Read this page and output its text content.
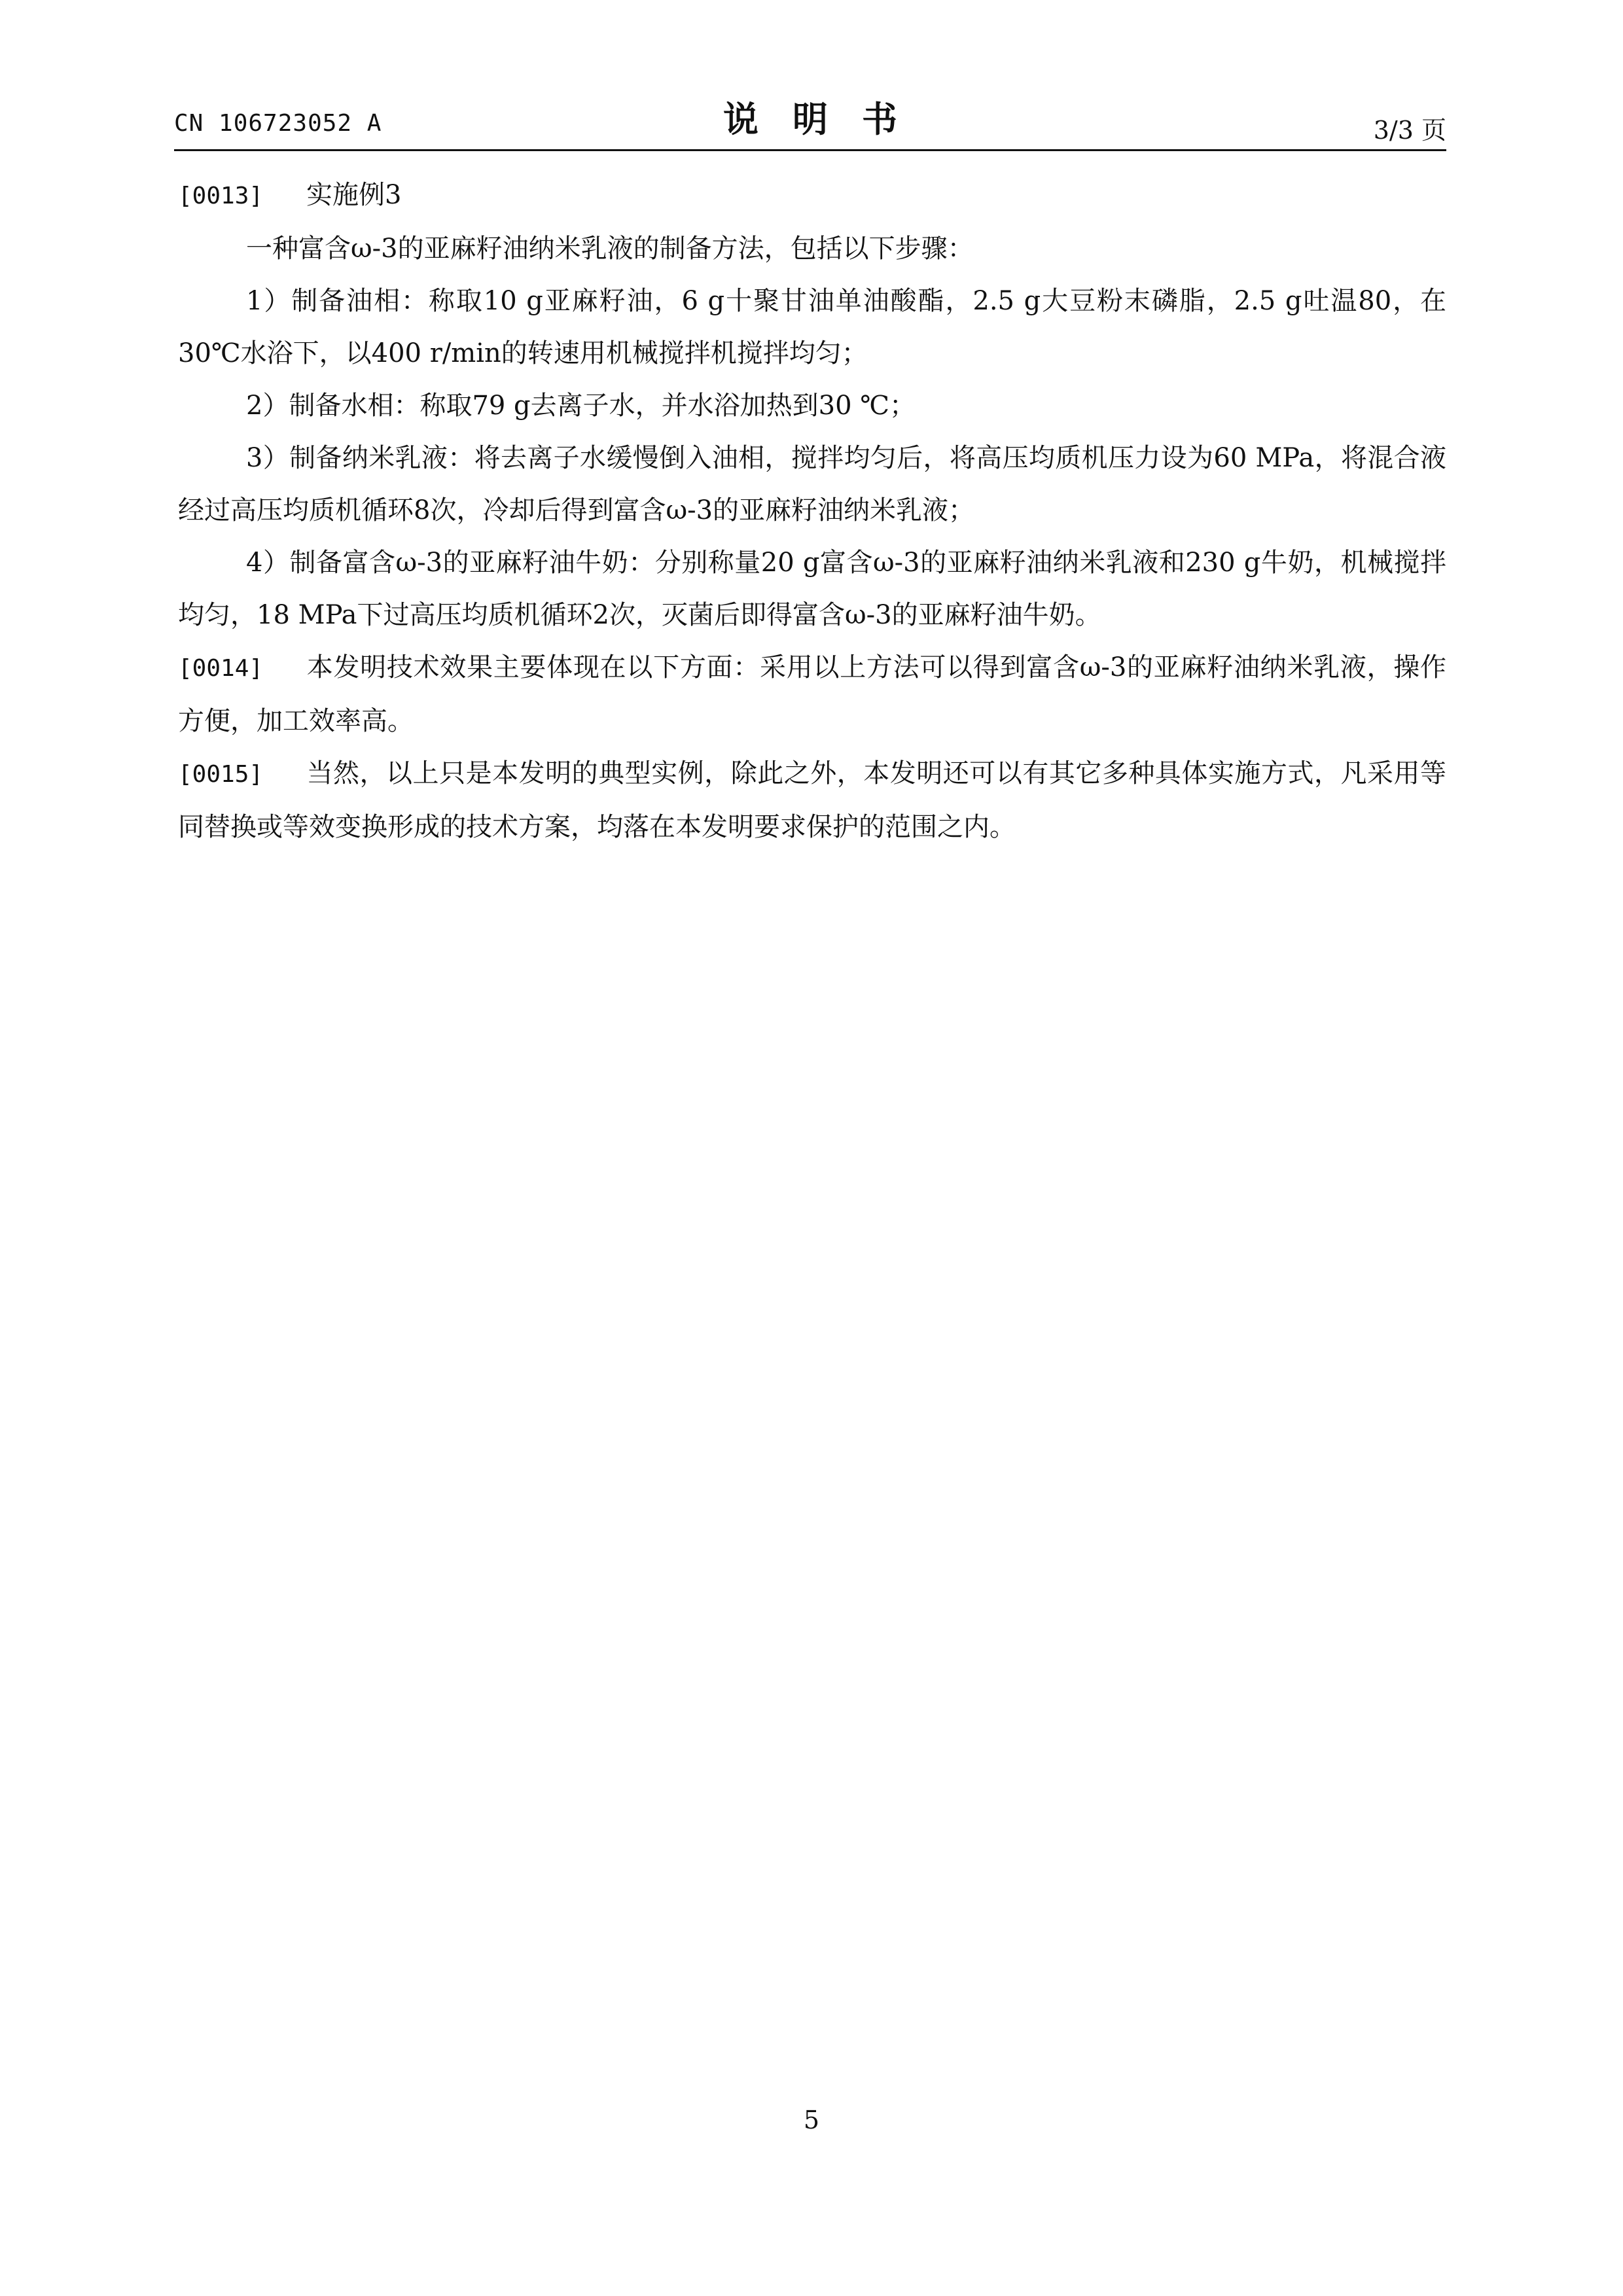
CN 106723052 A	说明书	3/3 页

[0013] 实施例3

一种富含ω-3的亚麻籽油纳米乳液的制备方法，包括以下步骤：

1）制备油相：称取10 g亚麻籽油，6 g十聚甘油单油酸酯，2.5 g大豆粉末磷脂，2.5 g吐温80，在30℃水浴下，以400 r/min的转速用机械搅拌机搅拌均匀；

2）制备水相：称取79 g去离子水，并水浴加热到30 ℃；

3）制备纳米乳液：将去离子水缓慢倒入油相，搅拌均匀后，将高压均质机压力设为60 MPa，将混合液经过高压均质机循环8次，冷却后得到富含ω-3的亚麻籽油纳米乳液；

4）制备富含ω-3的亚麻籽油牛奶：分别称量20 g富含ω-3的亚麻籽油纳米乳液和230 g牛奶，机械搅拌均匀，18 MPa下过高压均质机循环2次，灭菌后即得富含ω-3的亚麻籽油牛奶。

[0014] 本发明技术效果主要体现在以下方面：采用以上方法可以得到富含ω-3的亚麻籽油纳米乳液，操作方便，加工效率高。

[0015] 当然，以上只是本发明的典型实例，除此之外，本发明还可以有其它多种具体实施方式，凡采用等同替换或等效变换形成的技术方案，均落在本发明要求保护的范围之内。

5
